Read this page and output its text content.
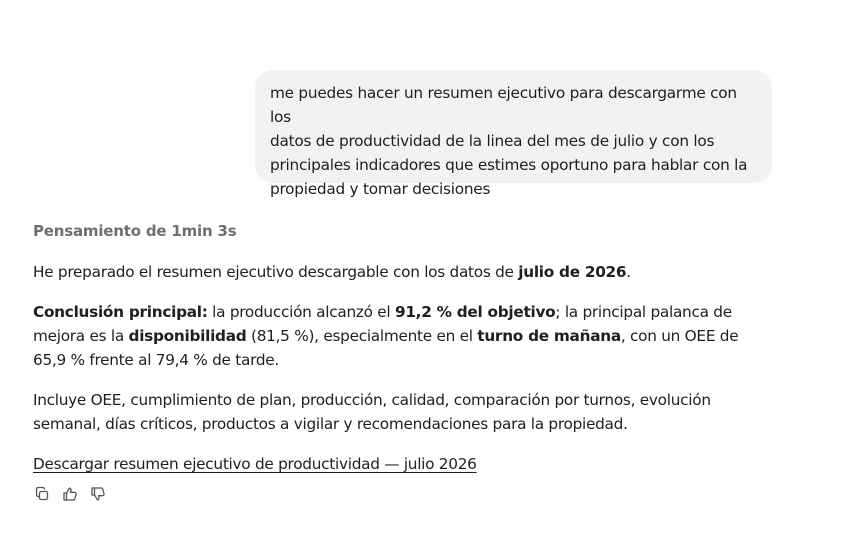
me puedes hacer un resumen ejecutivo para descargarme con los
datos de productividad de la linea del mes de julio y con los
principales indicadores que estimes oportuno para hablar con la
propiedad y tomar decisiones
Pensamiento de 1min 3s
He preparado el resumen ejecutivo descargable con los datos de julio de 2026.
Conclusión principal: la producción alcanzó el 91,2 % del objetivo; la principal palanca de mejora es la disponibilidad (81,5 %), especialmente en el turno de mañana, con un OEE de 65,9 % frente al 79,4 % de tarde.
Incluye OEE, cumplimiento de plan, producción, calidad, comparación por turnos, evolución semanal, días críticos, productos a vigilar y recomendaciones para la propiedad.
Descargar resumen ejecutivo de productividad — julio 2026
